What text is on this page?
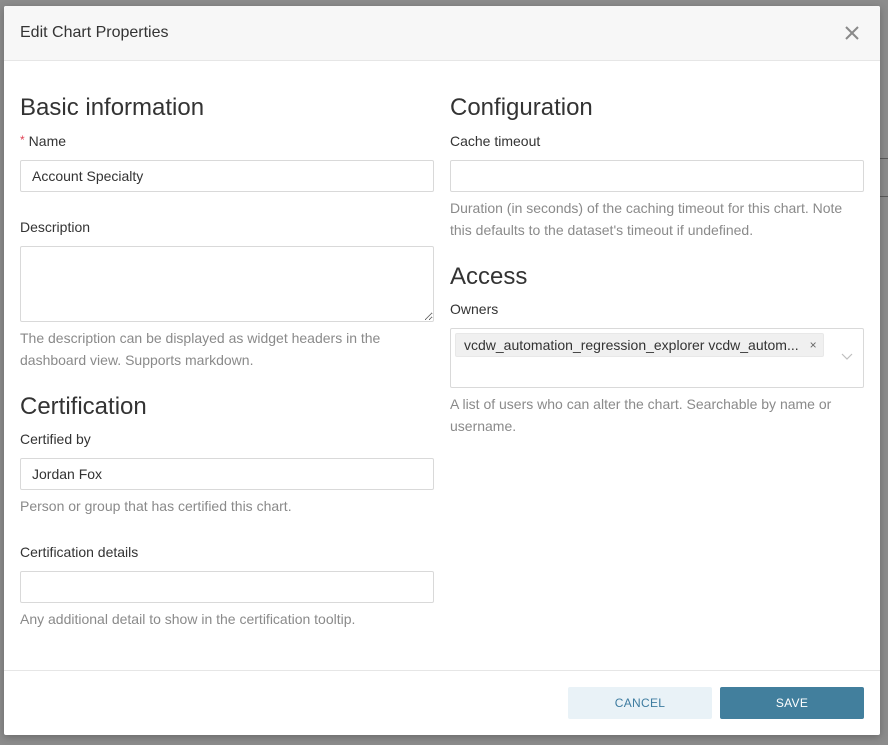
Edit Chart Properties
Basic information
* Name
Account Specialty
Description
The description can be displayed as widget headers in the dashboard view. Supports markdown.
Certification
Certified by
Jordan Fox
Person or group that has certified this chart.
Certification details
Any additional detail to show in the certification tooltip.
Configuration
Cache timeout
Duration (in seconds) of the caching timeout for this chart. Note this defaults to the dataset's timeout if undefined.
Access
Owners
vcdw_automation_regression_explorer vcdw_autom... ×
A list of users who can alter the chart. Searchable by name or username.
CANCEL	SAVE
